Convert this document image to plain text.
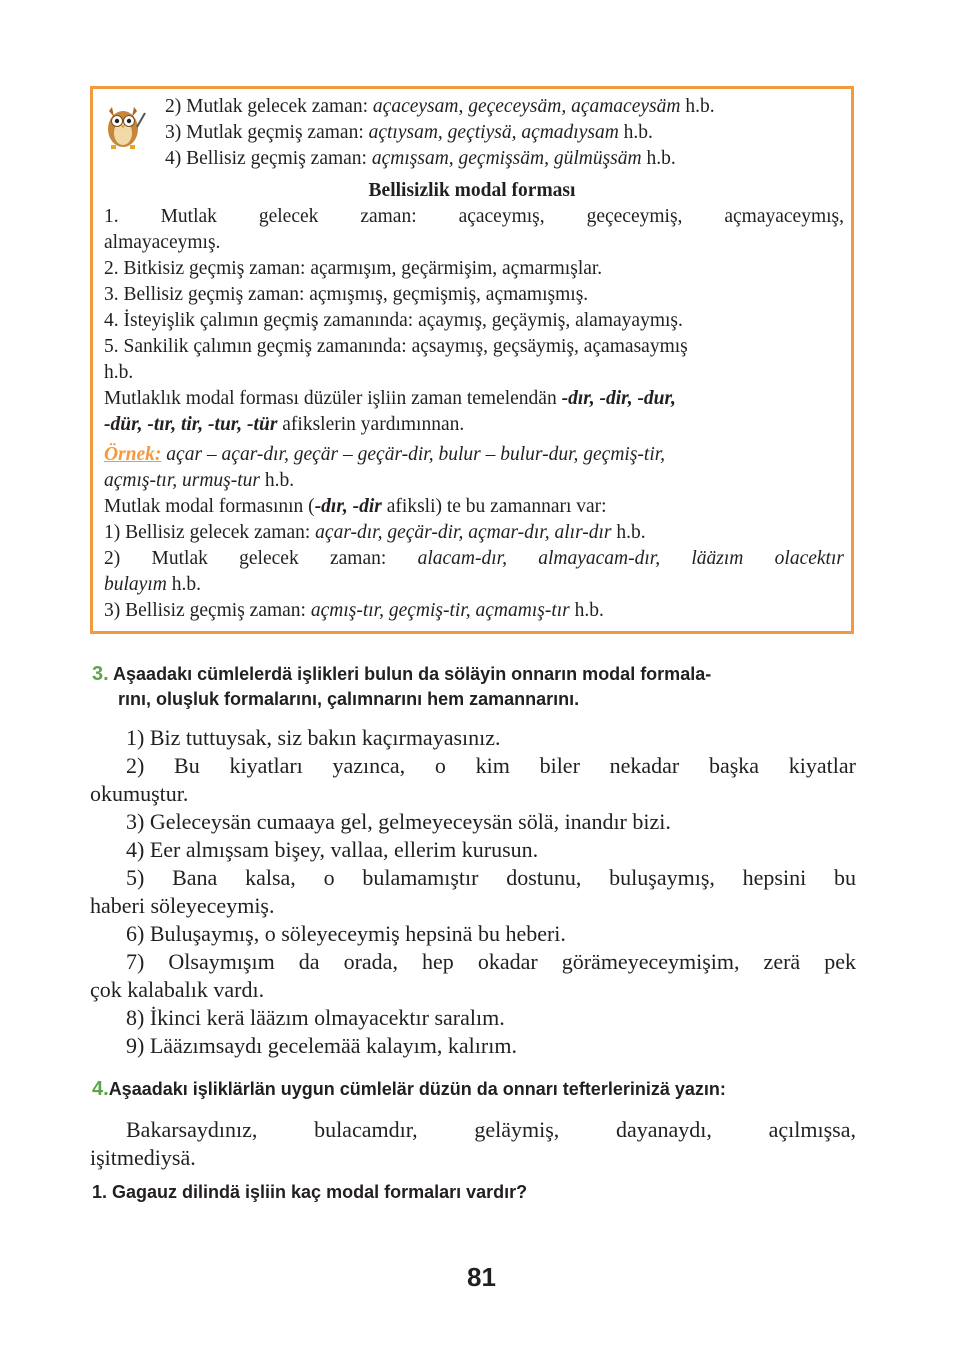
2) Mutlak gelecek zaman: açaceysam, geçeceysäm, açamaceysäm h.b.
3) Mutlak geçmiş zaman: açtıysam, geçtiysä, açmadıysam h.b.
4) Bellisiz geçmiş zaman: açmışsam, geçmişsäm, gülmüşsäm h.b.
Bellisizlik modal forması
1. Mutlak gelecek zaman: açaceymış, geçeceymiş, açmayaceymış,
almayaceymış.
2. Bitkisiz geçmiş zaman: açarmışım, geçärmişim, açmarmışlar.
3. Bellisiz geçmiş zaman: açmışmış, geçmişmiş, açmamışmış.
4. İsteyişlik çalımın geçmiş zamanında: açaymış, geçäymiş, alamayaymış.
5. Sankilik çalımın geçmiş zamanında: açsaymış, geçsäymiş, açamasaymış
h.b.
Mutlaklık modal forması düzüler işliin zaman temelendän -dır, -dir, -dur,
-dür, -tır, tir, -tur, -tür afikslerin yardımınnan.
Örnek: açar – açar-dır, geçär – geçär-dir, bulur – bulur-dur, geçmiş-tir,
açmış-tır, urmuş-tur h.b.
Mutlak modal formasının (-dır, -dir afiksli) te bu zamannarı var:
1) Bellisiz gelecek zaman: açar-dır, geçär-dir, açmar-dır, alır-dır h.b.
2) Mutlak gelecek zaman: alacam-dır, almayacam-dır, lääzım olacektır
bulayım h.b.
3) Bellisiz geçmiş zaman: açmış-tır, geçmiş-tir, açmamış-tır h.b.
3. Aşaadakı cümlelerdä işlikleri bulun da söläyin onnarın modal formala-
rını, oluşluk formalarını, çalımnarını hem zamannarını.
1) Biz tuttuysak, siz bakın kaçırmayasınız.
2) Bu kiyatları yazınca, o kim biler nekadar başka kiyatlar
okumuştur.
3) Geleceysän cumaaya gel, gelmeyeceysän sölä, inandır bizi.
4) Eer almışsam bişey, vallaa, ellerim kurusun.
5) Bana kalsa, o bulamamıştır dostunu, buluşaymış, hepsini bu
haberi söleyeceymiş.
6) Buluşaymış, o söleyeceymiş hepsinä bu heberi.
7) Olsaymışım da orada, hep okadar görämeyeceymişim, zerä pek
çok kalabalık vardı.
8) İkinci kerä lääzım olmayacektır saralım.
9) Lääzımsaydı gecelemää kalayım, kalırım.
4.Aşaadakı işliklärlän uygun cümlelär düzün da onnarı tefterlerinizä yazın:
Bakarsaydınız, bulacamdır, geläymiş, dayanaydı, açılmışsa,
işitmediysä.
1. Gagauz dilindä işliin kaç modal formaları vardır?
81
